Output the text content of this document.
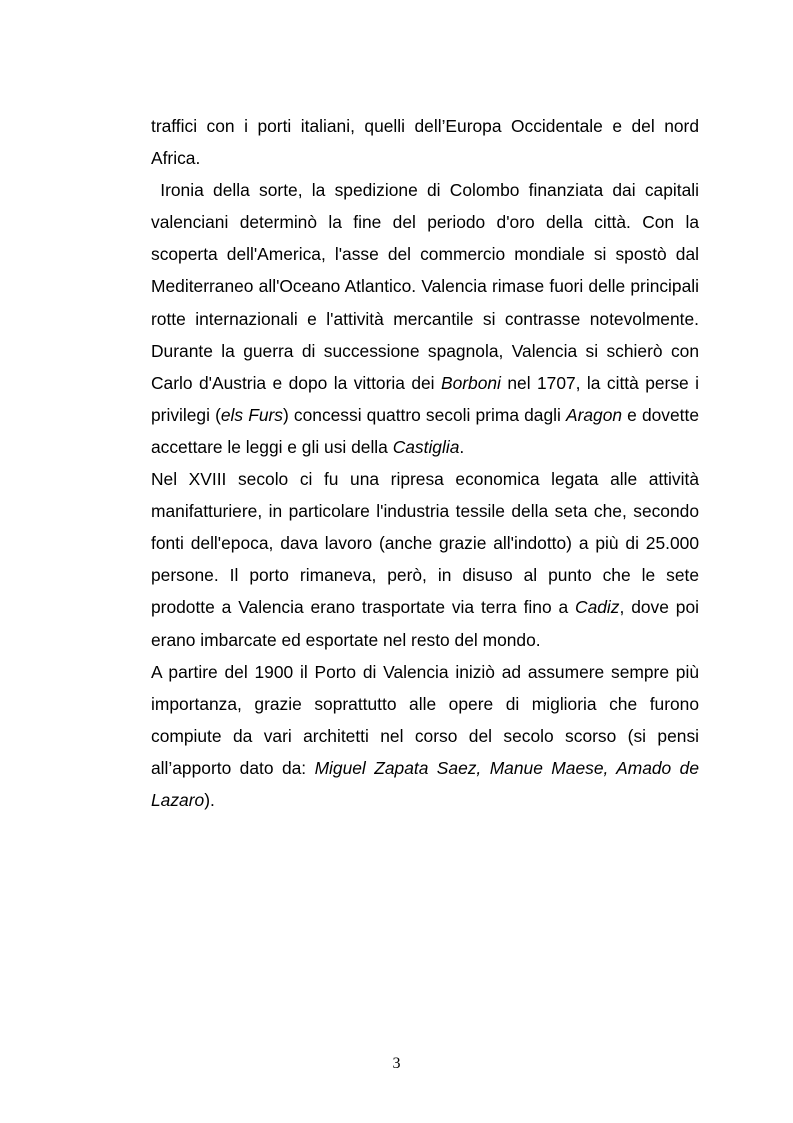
traffici con i porti italiani, quelli dell’Europa Occidentale e del nord Africa.

Ironia della sorte, la spedizione di Colombo finanziata dai capitali valenciani determinò la fine del periodo d'oro della città. Con la scoperta dell'America, l'asse del commercio mondiale si spostò dal Mediterraneo all'Oceano Atlantico. Valencia rimase fuori delle principali rotte internazionali e l'attività mercantile si contrasse notevolmente. Durante la guerra di successione spagnola, Valencia si schierò con Carlo d'Austria e dopo la vittoria dei Borboni nel 1707, la città perse i privilegi (els Furs) concessi quattro secoli prima dagli Aragon e dovette accettare le leggi e gli usi della Castiglia.

Nel XVIII secolo ci fu una ripresa economica legata alle attività manifatturiere, in particolare l'industria tessile della seta che, secondo fonti dell'epoca, dava lavoro (anche grazie all'indotto) a più di 25.000 persone. Il porto rimaneva, però, in disuso al punto che le sete prodotte a Valencia erano trasportate via terra fino a Cadiz, dove poi erano imbarcate ed esportate nel resto del mondo.

A partire del 1900 il Porto di Valencia iniziò ad assumere sempre più importanza, grazie soprattutto alle opere di miglioria che furono compiute da vari architetti nel corso del secolo scorso (si pensi all’apporto dato da: Miguel Zapata Saez, Manue Maese, Amado de Lazaro).

3
